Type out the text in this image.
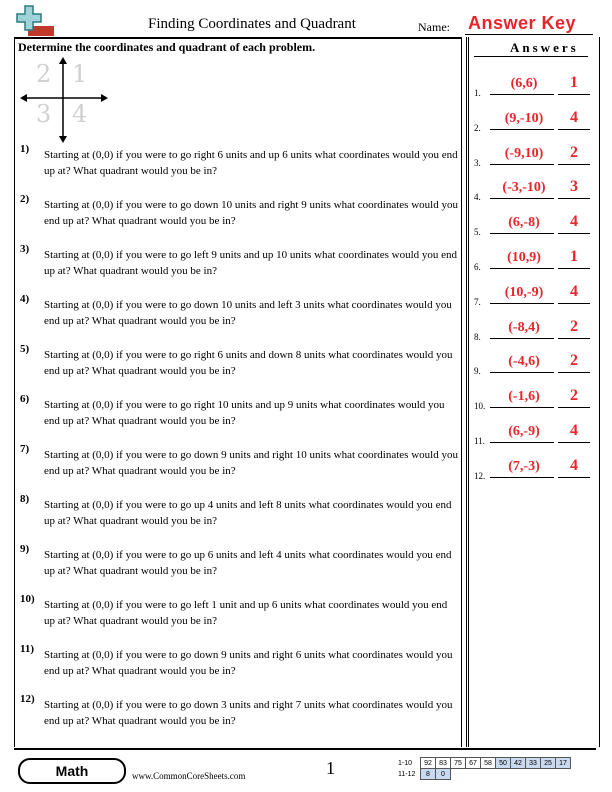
Finding Coordinates and Quadrant	Name: Answer Key
Determine the coordinates and quadrant of each problem.
2 1
3 4
1)	Starting at (0,0) if you were to go right 6 units and up 6 units what coordinates would you end up at? What quadrant would you be in?
2)	Starting at (0,0) if you were to go down 10 units and right 9 units what coordinates would you end up at? What quadrant would you be in?
3)	Starting at (0,0) if you were to go left 9 units and up 10 units what coordinates would you end up at? What quadrant would you be in?
4)	Starting at (0,0) if you were to go down 10 units and left 3 units what coordinates would you end up at? What quadrant would you be in?
5)	Starting at (0,0) if you were to go right 6 units and down 8 units what coordinates would you end up at? What quadrant would you be in?
6)	Starting at (0,0) if you were to go right 10 units and up 9 units what coordinates would you end up at? What quadrant would you be in?
7)	Starting at (0,0) if you were to go down 9 units and right 10 units what coordinates would you end up at? What quadrant would you be in?
8)	Starting at (0,0) if you were to go up 4 units and left 8 units what coordinates would you end up at? What quadrant would you be in?
9)	Starting at (0,0) if you were to go up 6 units and left 4 units what coordinates would you end up at? What quadrant would you be in?
10) Starting at (0,0) if you were to go left 1 unit and up 6 units what coordinates would you end up at? What quadrant would you be in?
11) Starting at (0,0) if you were to go down 9 units and right 6 units what coordinates would you end up at? What quadrant would you be in?
12) Starting at (0,0) if you were to go down 3 units and right 7 units what coordinates would you end up at? What quadrant would you be in?
Answers
1.
(6,6)	1
2.
(9,-10)	4
3.
(-9,10)	2
4.
(-3,-10)	3
5.
(6,-8)	4
6.
(10,9)	1
7.
(10,-9)	4
8.
(-8,4)	2
9.
(-4,6)	2
10.
(-1,6)	2
11.
(6,-9)	4
12.
(7,-3)	4
Math	www.CommonCoreSheets.com	1	1-10	92	83	75	67	58	50	42	33	25	17
11-12	8	0								
